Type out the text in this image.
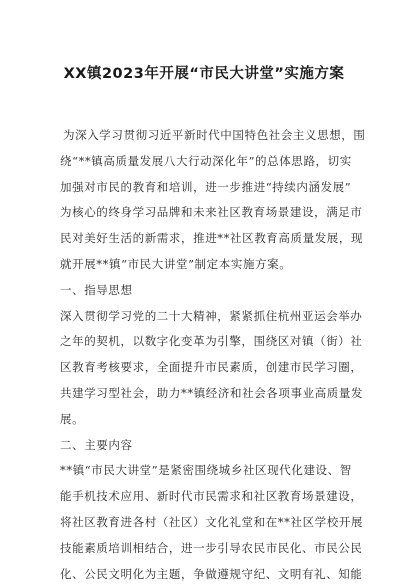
XX镇2023年开展“市民大讲堂”实施方案
为深入学习贯彻习近平新时代中国特色社会主义思想，围
绕“**镇高质量发展八大行动深化年”的总体思路，切实
加强对市民的教育和培训，进一步推进“持续内涵发展”
为核心的终身学习品牌和未来社区教育场景建设，满足市
民对美好生活的新需求，推进**社区教育高质量发展，现
就开展**镇“市民大讲堂”制定本实施方案。
一、指导思想
深入贯彻学习党的二十大精神，紧紧抓住杭州亚运会举办
之年的契机，以数字化变革为引擎，围绕区对镇（街）社
区教育考核要求，全面提升市民素质，创建市民学习圈，
共建学习型社会，助力**镇经济和社会各项事业高质量发
展。
二、主要内容
**镇“市民大讲堂”是紧密围绕城乡社区现代化建设、智
能手机技术应用、新时代市民需求和社区教育场景建设，
将社区教育进各村（社区）文化礼堂和在**社区学校开展
技能素质培训相结合，进一步引导农民市民化、市民公民
化、公民文明化为主题，争做遵规守纪、文明有礼、知能
